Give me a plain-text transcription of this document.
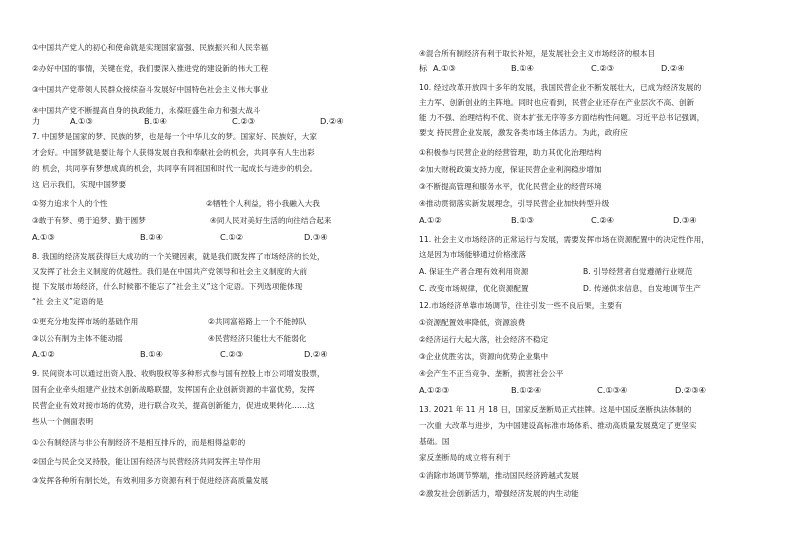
①中国共产党人的初心和使命就是实现国家富强、民族振兴和人民幸福
②办好中国的事情，关键在党，我们要深入推进党的建设新的伟大工程
③中国共产党带领人民群众接续奋斗发展好中国特色社会主义伟大事业
④中国共产党不断提高自身的执政能力，永葆旺盛生命力和强大战斗
力	A.①③	B.①④	C.②③	D.②④
7. 中国梦是国家的梦、民族的梦，也是每一个中华儿女的梦。国家好、民族好，大家
才会好。中国梦就是要让每个人获得发展自我和奉献社会的机会，共同享有人生出彩
的 机会，共同享有梦想成真的机会，共同享有同祖国和时代一起成长与进步的机会。
这 启示我们，实现中国梦要
①努力追求个人的个性	②牺牲个人利益，将小我融入大我
③敢于有梦、勇于追梦、勤于圆梦	④同人民对美好生活的向往结合起来
A.①③	B.②④	C.①②	D.③④
8. 我国的经济发展获得巨大成功的一个关键因素，就是我们既发挥了市场经济的长处，
又发挥了社会主义制度的优越性。我们是在中国共产党领导和社会主义制度的大前
提 下发展市场经济，什么时候都不能忘了“社会主义”这个定语。下列选项能体现
“社 会主义”定语的是
①更充分地发挥市场的基础作用	②共同富裕路上一个不能掉队
③以公有制为主体不能动摇	④民营经济只能壮大不能弱化
A.①②	B.①④	C.②③	D.②④
9. 民间资本可以通过出资入股、收购股权等多种形式参与国有控股上市公司增发股票，
国有企业牵头组建产业技术创新战略联盟，发挥国有企业创新资源的丰富优势，发挥
民营企业有效对接市场的优势，进行联合攻关，提高创新能力，促进成果转化……这
些从一个侧面表明
①公有制经济与非公有制经济不是相互排斥的，而是相得益彰的
②国企与民企交叉持股，能让国有经济与民营经济共同发挥主导作用
③发挥各种所有制长处，有效利用多方资源有利于促进经济高质量发展
④混合所有制经济有利于取长补短，是发展社会主义市场经济的根本目
标 A.①③	B.①④	C.②③	D.②④
10. 经过改革开放四十多年的发展，我国民营企业不断发展壮大，已成为经济发展的
主力军、创新创业的主阵地。同时也应看到，民营企业还存在产业层次不高、创新
能 力不强、治理结构不优、资本扩张无序等多方面结构性问题。习近平总书记强调，
要支 持民营企业发展，激发各类市场主体活力。为此，政府应
①积极参与民营企业的经营管理，助力其优化治理结构
②加大财税政策支持力度，保证民营企业利润稳步增加
③不断提高管理和服务水平，优化民营企业的经营环境
④推动贯彻落实新发展理念，引导民营企业加快转型升级
A.①②	B.①③	C.②④	D.③④
11. 社会主义市场经济的正常运行与发展，需要发挥市场在资源配置中的决定性作用，
这是因为市场能够通过价格涨落
A. 保证生产者合理有效利用资源	B. 引导经营者自觉遵循行业规范
C. 改变市场规律，优化资源配置	D. 传递供求信息，自发地调节生产
12.市场经济单靠市场调节，往往引发一些不良后果，主要有
①资源配置效率降低，资源浪费
②经济运行大起大落，社会经济不稳定
③企业优胜劣汰，资源向优势企业集中
④会产生不正当竞争、垄断，损害社会公平
A.①②③	B.①②④	C.①③④	D.②③④
13. 2021 年 11 月 18 日，国家反垄断局正式挂牌。这是中国反垄断执法体制的
一次重 大改革与进步，为中国建设高标准市场体系、推动高质量发展奠定了更坚实
基础。国
家反垄断局的成立将有利于
①消除市场调节弊端，推动国民经济跨越式发展
②激发社会创新活力，增强经济发展的内生动能
